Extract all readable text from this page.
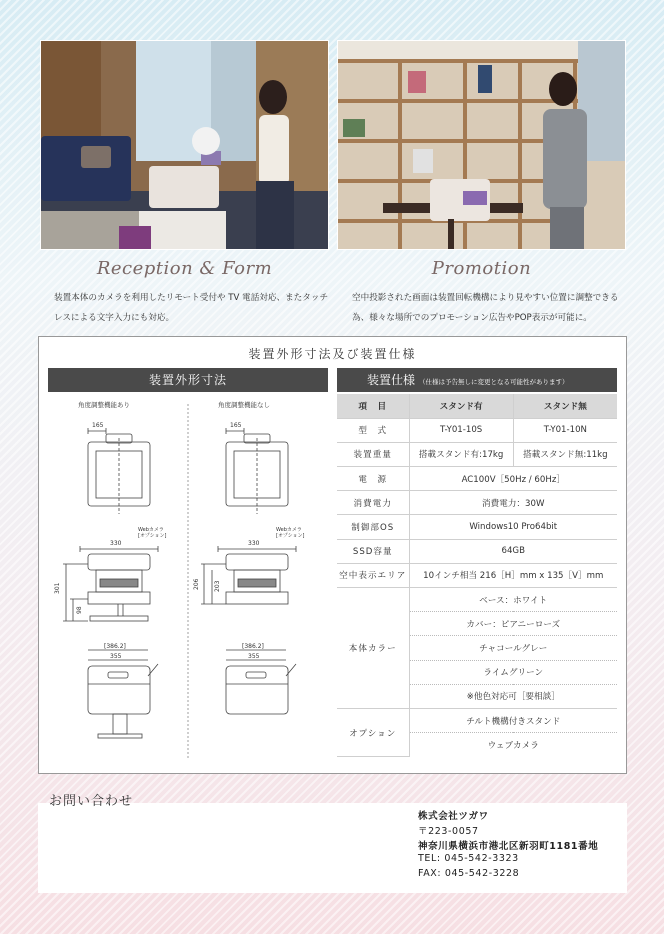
Reception & Form	Promotion
装置本体のカメラを利用したリモート受付や TV 電話対応、またタッチレスによる文字入力にも対応。
空中投影された画面は装置回転機構により見やすい位置に調整できる為、様々な場所でのプロモーション広告やPOP表示が可能に。
装置外形寸法及び装置仕様
装置外形寸法	装置仕様 （仕様は予告無しに変更となる可能性があります）
角度調整機能あり	角度調整機能なし
165	165
330	330
Webカメラ
[オプション]
Webカメラ
[オプション]
301
98
206 203
[386.2]
355
[386.2]
355
項　目	スタンド有	スタンド無
型　式	T-Y01-10S	T-Y01-10N
装置重量	搭載スタンド有:17kg	搭載スタンド無:11kg
電　源	AC100V［50Hz / 60Hz］	
消費電力	消費電力：30W	
制御部OS	Windows10 Pro64bit	
SSD容量	64GB	
空中表示エリア	10インチ相当 216［H］mm x 135［V］mm	
本体カラー	ベース：ホワイト	
	カバー：ピアニーローズ	
	チャコールグレー	
	ライムグリーン	
	※他色対応可［要相談］	
オプション	チルト機構付きスタンド	
	ウェブカメラ	
株式会社ツガワ
〒223-0057
神奈川県横浜市港北区新羽町1181番地
TEL: 045-542-3323
FAX: 045-542-3228
お問い合わせ
